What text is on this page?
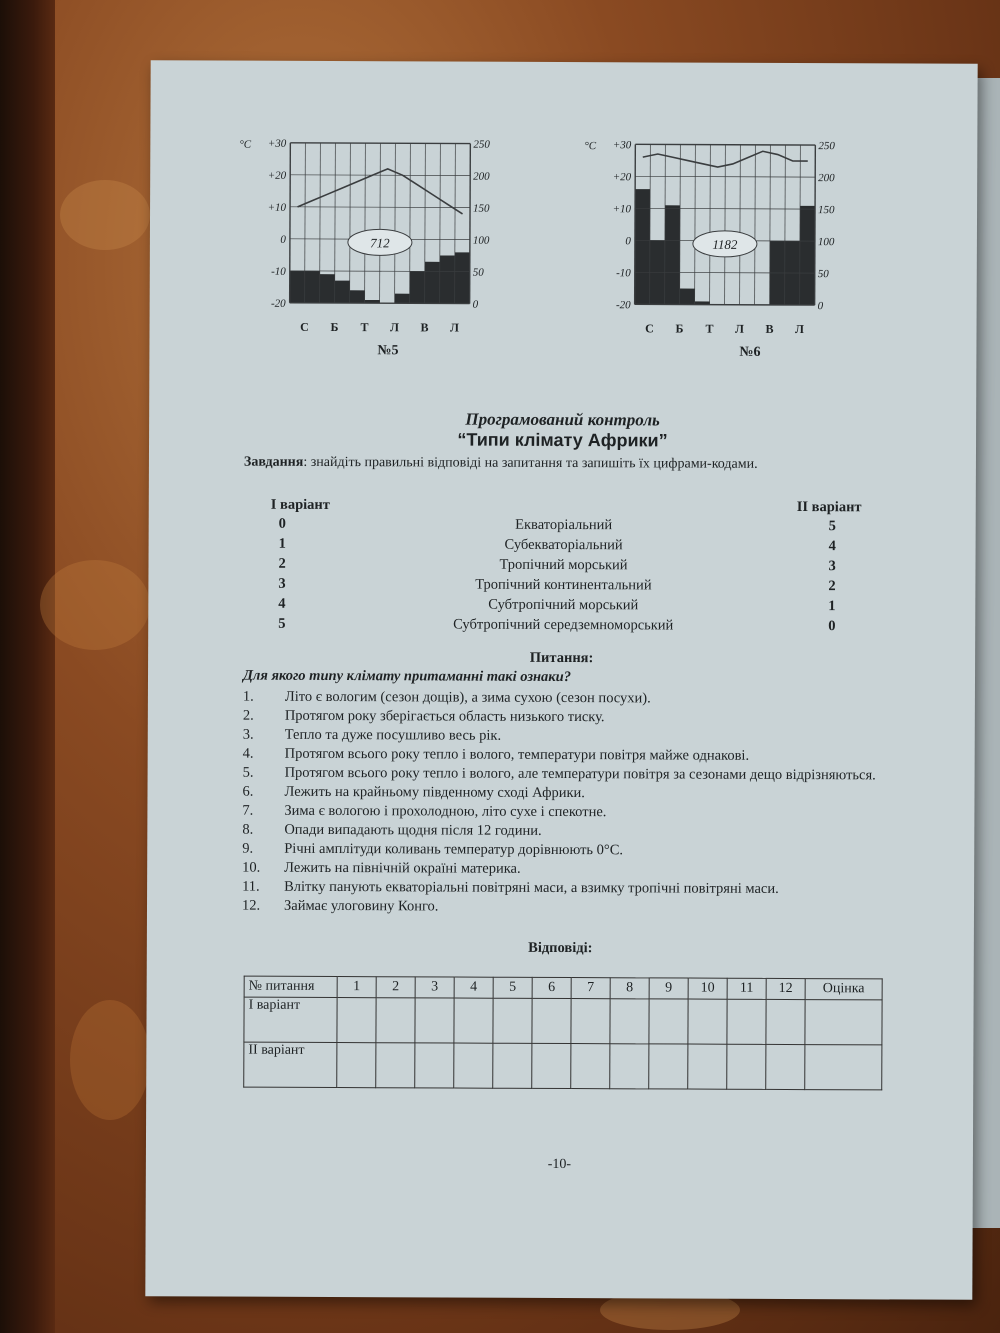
712
°C +30
+20
+10
0
-10
-20
250
200
150
100
50
0
С Б Т Л В Л
№5
1182
°C +30
+20
+10
0
-10
-20
250
200
150
100
50
0
С Б Т Л В Л
№6
Програмований контроль
“Типи клімату Африки”
Завдання: знайдіть правильні відповіді на запитання та запишіть їх цифрами-кодами.
І варіант	ІІ варіант
0	Екваторіальний	5
1	Субекваторіальний	4
2	Тропічний морський	3
3	Тропічний континентальний	2
4	Субтропічний морський	1
5	Субтропічний середземноморський	0
Питання:
Для якого типу клімату притаманні такі ознаки?
1. Літо є вологим (сезон дощів), а зима сухою (сезон посухи).
2. Протягом року зберігається область низького тиску.
3. Тепло та дуже посушливо весь рік.
4. Протягом всього року тепло і волого, температури повітря майже однакові.
5. Протягом всього року тепло і волого, але температури повітря за сезонами дещо відрізняються.
6. Лежить на крайньому південному сході Африки.
7. Зима є вологою і прохолодною, літо сухе і спекотне.
8. Опади випадають щодня після 12 години.
9. Річні амплітуди коливань температур дорівнюють 0°С.
10. Лежить на північній окраїні материка.
11. Влітку панують екваторіальні повітряні маси, а взимку тропічні повітряні маси.
12. Займає улоговину Конго.
Відповіді:
№ питання	1	2	3	4	5	6	7	8	9	10	11	12	Оцінка
І варіант													
ІІ варіант													
-10-
